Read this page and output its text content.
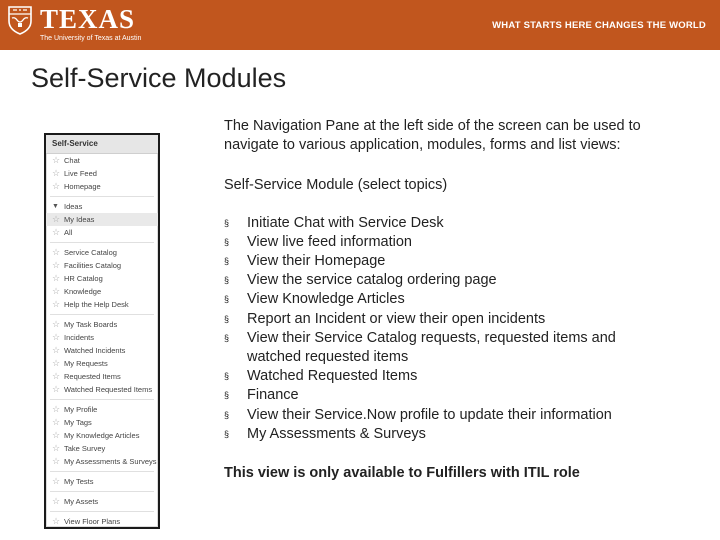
TEXAS
The University of Texas at Austin
WHAT STARTS HERE CHANGES THE WORLD
Self-Service Modules
Self-Service
☆ Chat
☆ Live Feed
☆ Homepage
▼ Ideas
☆ My Ideas
☆ All
☆ Service Catalog
☆ Facilities Catalog
☆ HR Catalog
☆ Knowledge
☆ Help the Help Desk
☆ My Task Boards
☆ Incidents
☆ Watched Incidents
☆ My Requests
☆ Requested Items
☆ Watched Requested Items
☆ My Profile
☆ My Tags
☆ My Knowledge Articles
☆ Take Survey
☆ My Assessments & Surveys
☆ My Tests
☆ My Assets
☆ View Floor Plans
The Navigation Pane at the left side of the screen can be used to navigate to various application, modules, forms and list views:
Self-Service Module (select topics)
§	Initiate Chat with Service Desk
§	View live feed information
§	View their Homepage
§	View the service catalog ordering page
§	View Knowledge Articles
§	Report an Incident or view their open incidents
§	View their Service Catalog requests, requested items and watched requested items
§	Watched Requested Items
§	Finance
§	View their Service.Now profile to update their information
§	My Assessments & Surveys
This view is only available to Fulfillers with ITIL role
